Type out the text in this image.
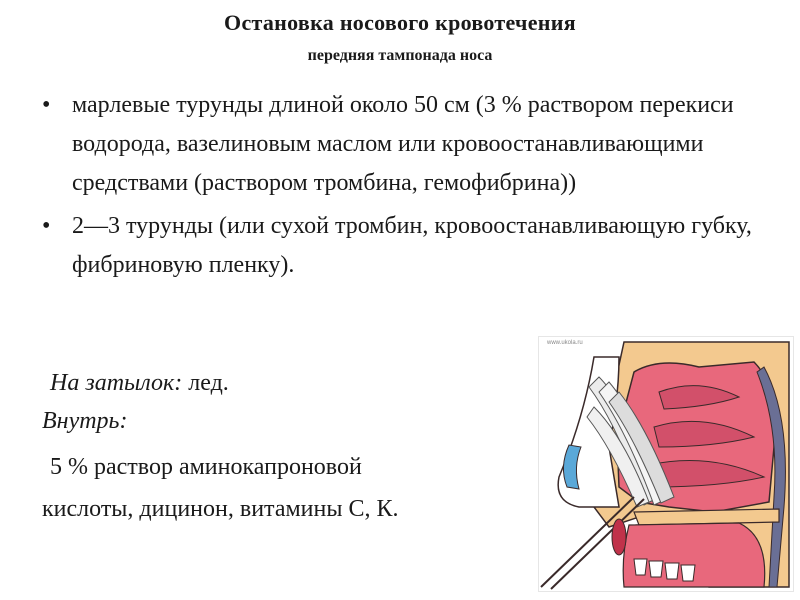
Остановка носового кровотечения
передняя тампонада носа
• марлевые турунды длиной около 50 см (3 % раствором перекиси водорода, вазелиновым маслом или кровоостанавливающими средствами (раствором тромбина, гемофибрина))
• 2—3 турунды (или сухой тромбин, кровоостанавливающую губку, фибриновую пленку).
На затылок: лед.
Внутрь:
5 % раствор аминокапроновой
кислоты, дицинон, витамины С, К.
www.ukola.ru
